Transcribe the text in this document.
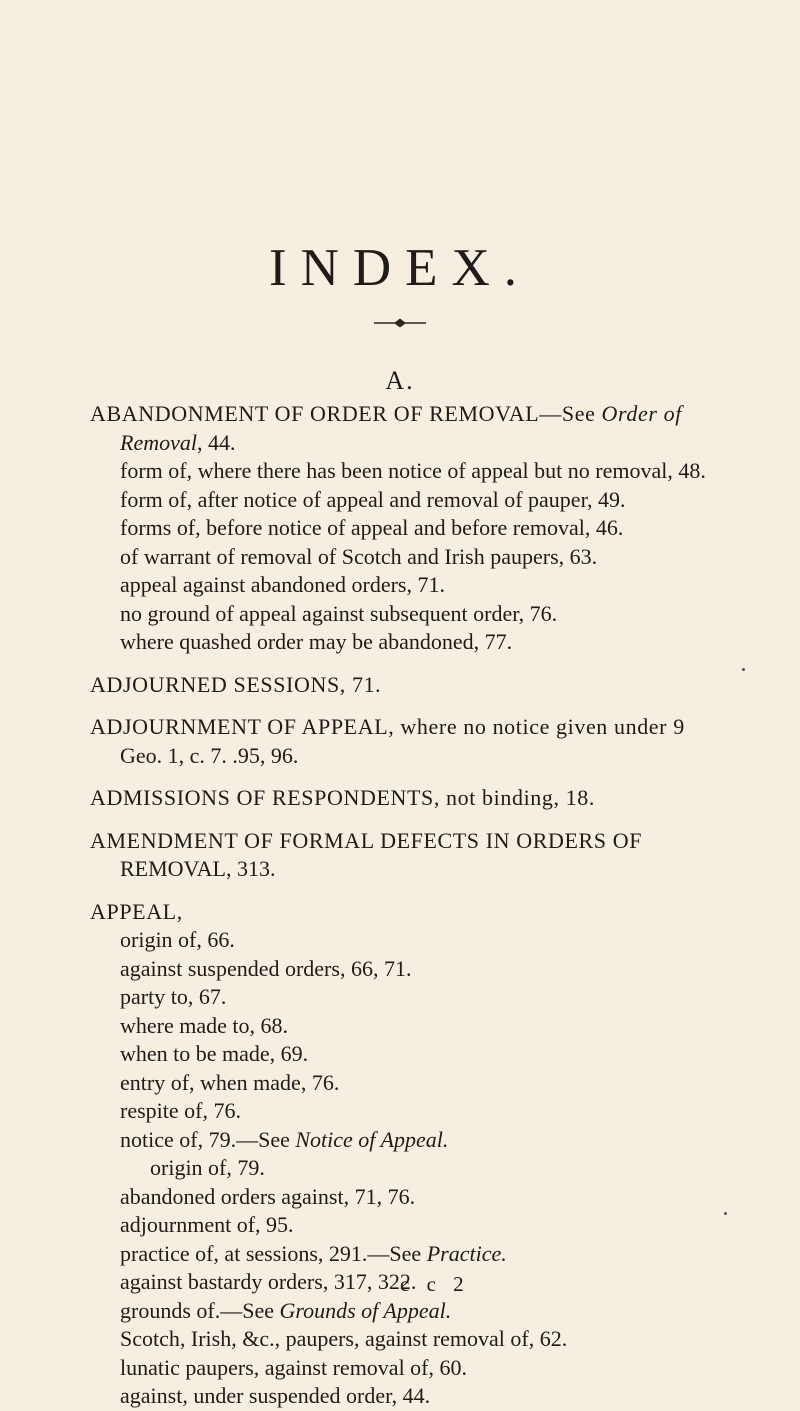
INDEX.
A.

ABANDONMENT OF ORDER OF REMOVAL—See Order of

Removal, 44.

form of, where there has been notice of appeal but no removal, 48.

form of, after notice of appeal and removal of pauper, 49.

forms of, before notice of appeal and before removal, 46.

of warrant of removal of Scotch and Irish paupers, 63.

appeal against abandoned orders, 71.

no ground of appeal against subsequent order, 76.

where quashed order may be abandoned, 77.

ADJOURNED SESSIONS, 71.

ADJOURNMENT OF APPEAL, where no notice given under 9

Geo. 1, c. 7. .95, 96.

ADMISSIONS OF RESPONDENTS, not binding, 18.

AMENDMENT OF FORMAL DEFECTS IN ORDERS OF

REMOVAL, 313.

APPEAL,

origin of, 66.

against suspended orders, 66, 71.

party to, 67.

where made to, 68.

when to be made, 69.

entry of, when made, 76.

respite of, 76.

notice of, 79.—See Notice of Appeal.

origin of, 79.

abandoned orders against, 71, 76.

adjournment of, 95.

practice of, at sessions, 291.—See Practice.

against bastardy orders, 317, 322.

grounds of.—See Grounds of Appeal.

Scotch, Irish, &c., paupers, against removal of, 62.

lunatic paupers, against removal of, 60.

against, under suspended order, 44.

c c 2
